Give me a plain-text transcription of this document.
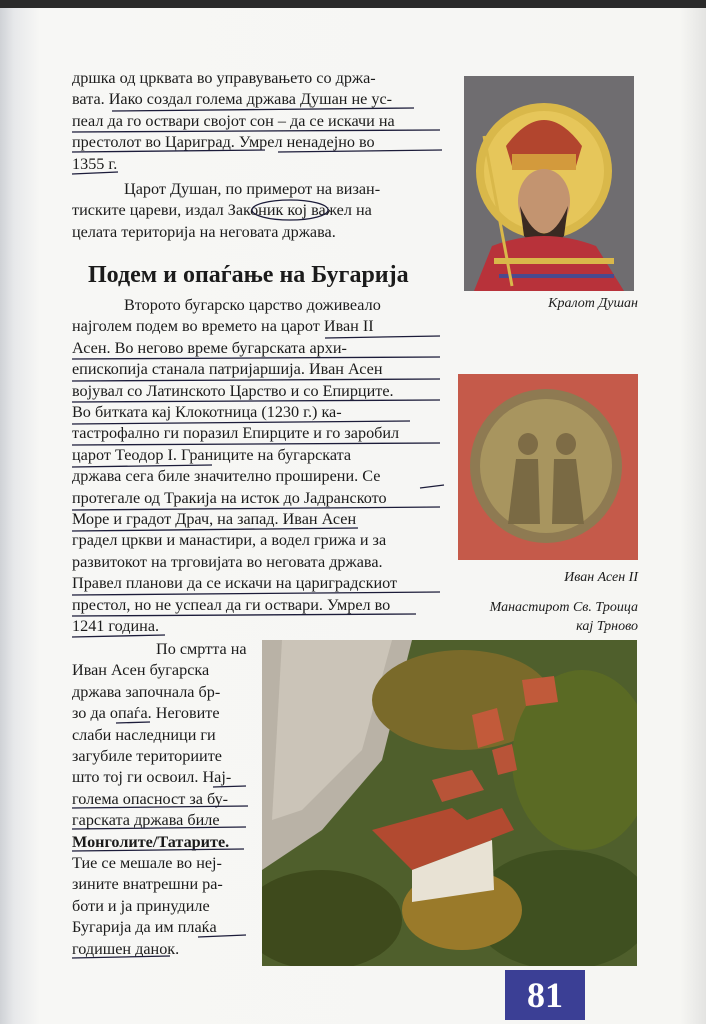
дршка од црквата во управувањето со држа-
вата. Иако создал голема држава Душан не ус-
пеал да го оствари својот сон – да се искачи на
престолот во Цариград. Умрел ненадејно во
1355 г.
Царот Душан, по примерот на визан-
тиските цареви, издал Законик кој важел на
целата територија на неговата држава.
Подем и опаѓање на Бугарија
Второто бугарско царство доживеало
најголем подем во времето на царот Иван II
Асен. Во негово време бугарската архи-
епископија станала патријаршија. Иван Асен
војувал со Латинското Царство и со Епирците.
Во битката кај Клокотница (1230 г.) ка-
тастрофално ги поразил Епирците и го заробил
царот Теодор I. Границите на бугарската
држава сега биле значително проширени. Се
протегале од Тракија на исток до Јадранското
Море и градот Драч, на запад. Иван Асен
градел цркви и манастири, а водел грижа и за
развитокот на трговијата во неговата држава.
Правел планови да се искачи на цариградскиот
престол, но не успеал да ги оствари. Умрел во
1241 година.
По смртта на
Иван Асен бугарска
држава започнала бр-
зо да опаѓа. Неговите
слаби наследници ги
загубиле териториите
што тој ги освоил. Нај-
голема опасност за бу-
гарската држава биле
Монголите/Татарите.
Тие се мешале во неј-
зините внатрешни ра-
боти и ја принудиле
Бугарија да им плаќа
годишен данок.
Кралот Душан
Иван Асен II
Манастирот Св. Троица
кај Трново
81
